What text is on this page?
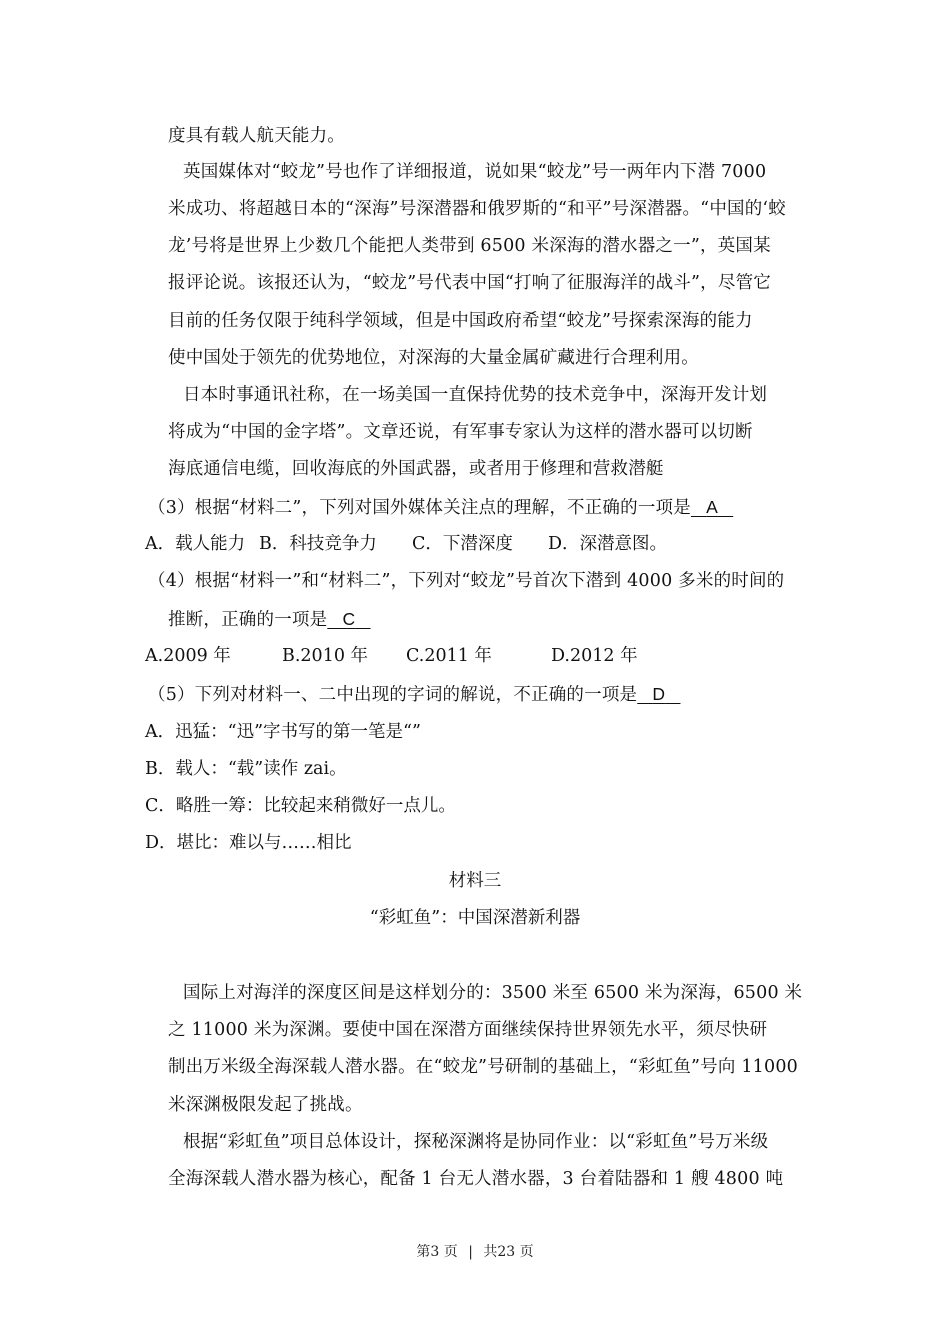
度具有载人航天能力。
英国媒体对“蛟龙”号也作了详细报道，说如果“蛟龙”号一两年内下潜 7000
米成功、将超越日本的“深海”号深潜器和俄罗斯的“和平”号深潜器。“中国的‘蛟
龙’号将是世界上少数几个能把人类带到 6500 米深海的潜水器之一”，英国某
报评论说。该报还认为，“蛟龙”号代表中国“打响了征服海洋的战斗”，尽管它
目前的任务仅限于纯科学领域，但是中国政府希望“蛟龙”号探索深海的能力
使中国处于领先的优势地位，对深海的大量金属矿藏进行合理利用。
日本时事通讯社称，在一场美国一直保持优势的技术竞争中，深海开发计划
将成为“中国的金字塔”。文章还说，有军事专家认为这样的潜水器可以切断
海底通信电缆，回收海底的外国武器，或者用于修理和营救潜艇
（3）根据“材料二”，下列对国外媒体关注点的理解，不正确的一项是 A
A．载人能力 B．科技竞争力 C．下潜深度 D．深潜意图。
（4）根据“材料一”和“材料二”，下列对“蛟龙”号首次下潜到 4000 多米的时间的
推断，正确的一项是 C
A.2009 年	B.2010 年 C.2011 年	D.2012 年
（5）下列对材料一、二中出现的字词的解说，不正确的一项是 D
A．迅猛：“迅”字书写的第一笔是“”
B．载人：“载”读作 zai。
C．略胜一筹：比较起来稍微好一点儿。
D．堪比：难以与……相比
材料三
“彩虹鱼”：中国深潜新利器
国际上对海洋的深度区间是这样划分的：3500 米至 6500 米为深海，6500 米
之 11000 米为深渊。要使中国在深潜方面继续保持世界领先水平，须尽快研
制出万米级全海深载人潜水器。在“蛟龙”号研制的基础上，“彩虹鱼”号向 11000
米深渊极限发起了挑战。
根据“彩虹鱼”项目总体设计，探秘深渊将是协同作业：以“彩虹鱼”号万米级
全海深载人潜水器为核心，配备 1 台无人潜水器，3 台着陆器和 1 艘 4800 吨
第3 页 | 共23 页
